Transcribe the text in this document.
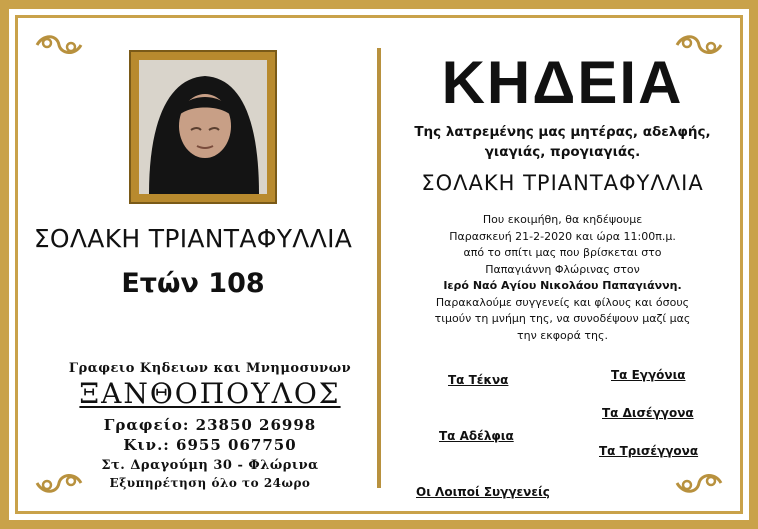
ΣΟΛΑΚΗ ΤΡΙΑΝΤΑΦΥΛΛΙΑ
Ετών 108
Γραφειο Κηδειων και Μνημοσυνων
ΞΑΝΘΟΠΟΥΛΟΣ
Γραφείο: 23850 26998
Κιν.: 6955 067750
Στ. Δραγούμη 30 - Φλώρινα
Εξυπηρέτηση όλο το 24ωρο
ΚΗΔΕΙΑ
Της λατρεμένης μας μητέρας, αδελφής,
γιαγιάς, προγιαγιάς.
ΣΟΛΑΚΗ ΤΡΙΑΝΤΑΦΥΛΛΙΑ
Που εκοιμήθη, θα κηδέψουμε
Παρασκευή 21-2-2020 και ώρα 11:00π.μ.
από το σπίτι μας που βρίσκεται στο
Παπαγιάννη Φλώρινας στον
Ιερό Ναό Αγίου Νικολάου Παπαγιάννη.
Παρακαλούμε συγγενείς και φίλους και όσους
τιμούν τη μνήμη της, να συνοδέψουν μαζί μας
την εκφορά της.
Τα Τέκνα	Τα Εγγόνια
Τα Δισέγγονα
Τα Αδέλφια
Τα Τρισέγγονα
Οι Λοιποί Συγγενείς
